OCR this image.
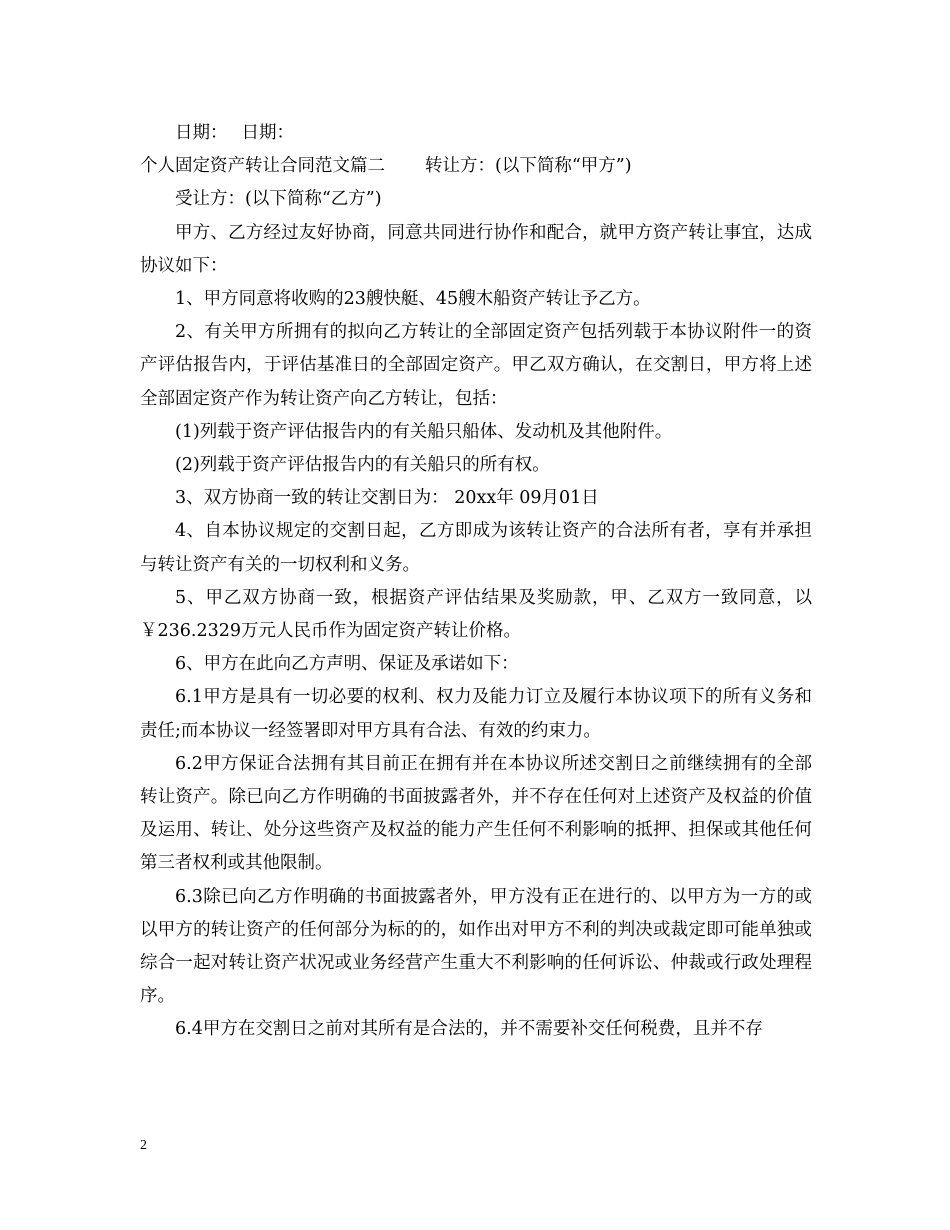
日期： 日期：

个人固定资产转让合同范文篇二 转让方：(以下简称“甲方”)

受让方：(以下简称“乙方”)

甲方、乙方经过友好协商，同意共同进行协作和配合，就甲方资产转让事宜，达成协议如下：

1、甲方同意将收购的23艘快艇、45艘木船资产转让予乙方。

2、有关甲方所拥有的拟向乙方转让的全部固定资产包括列载于本协议附件一的资产评估报告内，于评估基准日的全部固定资产。甲乙双方确认，在交割日，甲方将上述全部固定资产作为转让资产向乙方转让，包括：

(1)列载于资产评估报告内的有关船只船体、发动机及其他附件。

(2)列载于资产评估报告内的有关船只的所有权。

3、双方协商一致的转让交割日为： 20xx年 09月01日

4、自本协议规定的交割日起，乙方即成为该转让资产的合法所有者，享有并承担与转让资产有关的一切权利和义务。

5、甲乙双方协商一致，根据资产评估结果及奖励款，甲、乙双方一致同意，以￥236.2329万元人民币作为固定资产转让价格。

6、甲方在此向乙方声明、保证及承诺如下：

6.1甲方是具有一切必要的权利、权力及能力订立及履行本协议项下的所有义务和责任;而本协议一经签署即对甲方具有合法、有效的约束力。

6.2甲方保证合法拥有其目前正在拥有并在本协议所述交割日之前继续拥有的全部转让资产。除已向乙方作明确的书面披露者外，并不存在任何对上述资产及权益的价值及运用、转让、处分这些资产及权益的能力产生任何不利影响的抵押、担保或其他任何第三者权利或其他限制。

6.3除已向乙方作明确的书面披露者外，甲方没有正在进行的、以甲方为一方的或以甲方的转让资产的任何部分为标的的，如作出对甲方不利的判决或裁定即可能单独或综合一起对转让资产状况或业务经营产生重大不利影响的任何诉讼、仲裁或行政处理程序。

6.4甲方在交割日之前对其所有是合法的，并不需要补交任何税费，且并不存

2
